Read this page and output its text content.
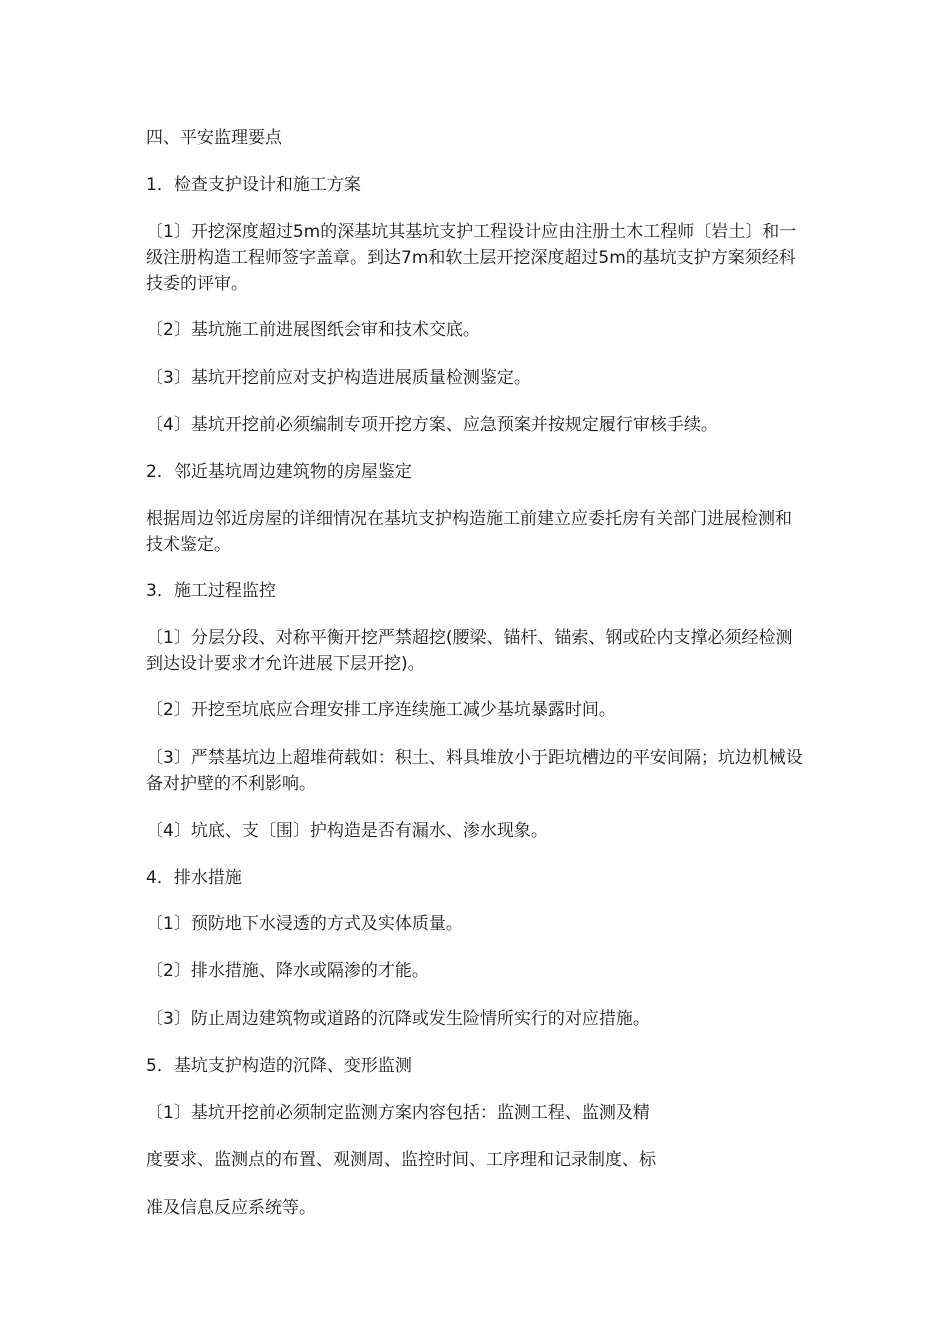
四、平安监理要点

1．检查支护设计和施工方案

〔1〕开挖深度超过5m的深基坑其基坑支护工程设计应由注册土木工程师〔岩土〕和一级注册构造工程师签字盖章。到达7m和软土层开挖深度超过5m的基坑支护方案须经科技委的评审。

〔2〕基坑施工前进展图纸会审和技术交底。

〔3〕基坑开挖前应对支护构造进展质量检测鉴定。

〔4〕基坑开挖前必须编制专项开挖方案、应急预案并按规定履行审核手续。

2．邻近基坑周边建筑物的房屋鉴定

根据周边邻近房屋的详细情况在基坑支护构造施工前建立应委托房有关部门进展检测和技术鉴定。

3．施工过程监控

〔1〕分层分段、对称平衡开挖严禁超挖(腰梁、锚杆、锚索、钢或砼内支撑必须经检测到达设计要求才允许进展下层开挖)。

〔2〕开挖至坑底应合理安排工序连续施工减少基坑暴露时间。

〔3〕严禁基坑边上超堆荷载如：积土、料具堆放小于距坑槽边的平安间隔；坑边机械设备对护壁的不利影响。

〔4〕坑底、支〔围〕护构造是否有漏水、渗水现象。

4．排水措施

〔1〕预防地下水浸透的方式及实体质量。

〔2〕排水措施、降水或隔渗的才能。

〔3〕防止周边建筑物或道路的沉降或发生险情所实行的对应措施。

5．基坑支护构造的沉降、变形监测

〔1〕基坑开挖前必须制定监测方案内容包括：监测工程、监测及精

度要求、监测点的布置、观测周、监控时间、工序理和记录制度、标

准及信息反应系统等。
